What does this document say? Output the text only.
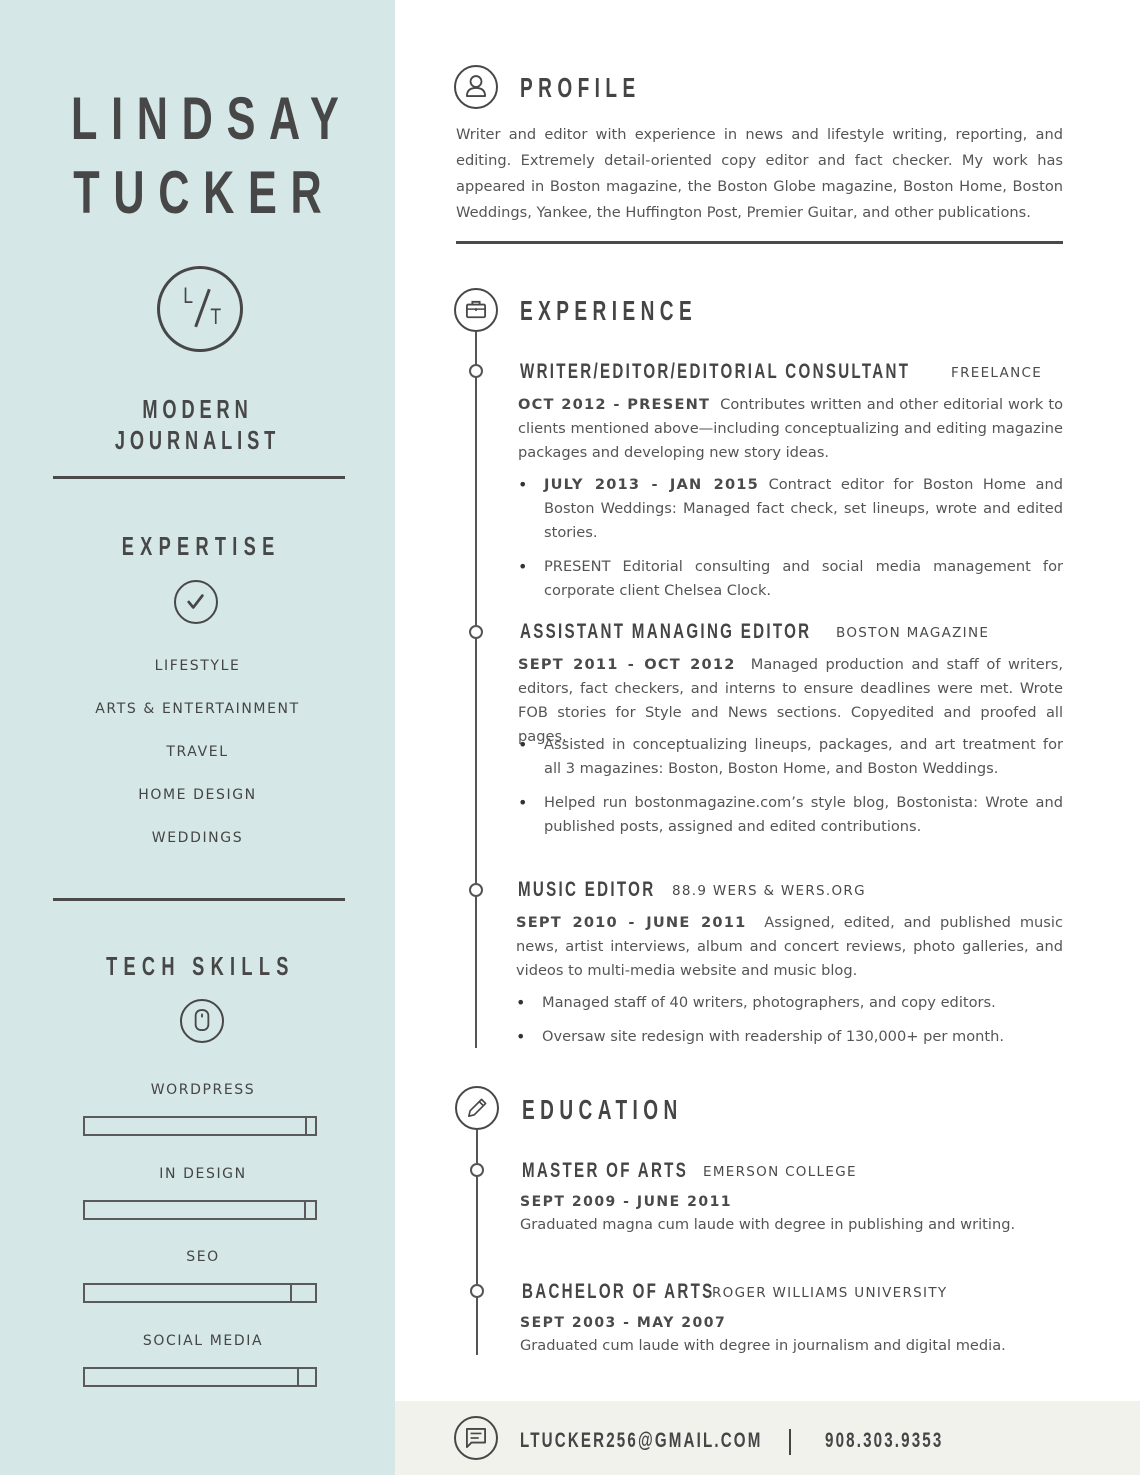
LINDSAY
TUCKER
L
T
MODERN JOURNALIST
EXPERTISE
LIFESTYLE
ARTS & ENTERTAINMENT
TRAVEL
HOME DESIGN
WEDDINGS
TECH SKILLS
WORDPRESS
IN DESIGN
SEO
SOCIAL MEDIA
PROFILE
Writer and editor with experience in news and lifestyle writing, reporting, and editing. Extremely detail-oriented copy editor and fact checker. My work has appeared in Boston magazine, the Boston Globe magazine, Boston Home, Boston Weddings, Yankee, the Huffington Post, Premier Guitar, and other publications.
EXPERIENCE
WRITER/EDITOR/EDITORIAL CONSULTANT	FREELANCE
OCT 2012 - PRESENT Contributes written and other editorial work to clients mentioned above—including conceptualizing and editing magazine packages and developing new story ideas.
• JULY 2013 - JAN 2015 Contract editor for Boston Home and Boston Weddings: Managed fact check, set lineups, wrote and edited stories.
• PRESENT Editorial consulting and social media management for corporate client Chelsea Clock.
ASSISTANT MANAGING EDITOR BOSTON MAGAZINE
SEPT 2011 - OCT 2012 Managed production and staff of writers, editors, fact checkers, and interns to ensure deadlines were met. Wrote FOB stories for Style and News sections. Copyedited and proofed all pages.
• Assisted in conceptualizing lineups, packages, and art treatment for all 3 magazines: Boston, Boston Home, and Boston Weddings.
• Helped run bostonmagazine.com’s style blog, Bostonista: Wrote and published posts, assigned and edited contributions.
MUSIC EDITOR 88.9 WERS & WERS.ORG
SEPT 2010 - JUNE 2011 Assigned, edited, and published music news, artist interviews, album and concert reviews, photo galleries, and videos to multi-media website and music blog.
• Managed staff of 40 writers, photographers, and copy editors.
• Oversaw site redesign with readership of 130,000+ per month.
EDUCATION
MASTER OF ARTS EMERSON COLLEGE
SEPT 2009 - JUNE 2011
Graduated magna cum laude with degree in publishing and writing.
BACHELOR OF ARTS
ROGER WILLIAMS UNIVERSITY
SEPT 2003 - MAY 2007
Graduated cum laude with degree in journalism and digital media.
LTUCKER256@GMAIL.COM	908.303.9353
